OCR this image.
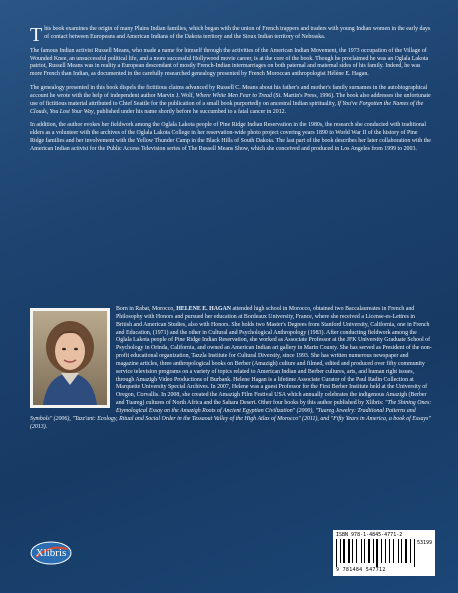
This book examines the origin of many Plains Indian families, which began with the union of French trappers and traders with young Indian women in the early days of contact between Europeans and American Indians of the Dakota territory and the Sioux Indian territory of Nebraska.

The famous Indian activist Russell Means, who made a name for himself through the activities of the American Indian Movement, the 1973 occupation of the Village of Wounded Knee, an unsuccessful political life, and a more successful Hollywood movie career, is at the core of the book. Though he proclaimed he was an Oglala Lakota patriot, Russell Means was in reality a European descendant of mostly French-Indian intermarriages on both paternal and maternal sides of his family. Indeed, he was more French than Indian, as documented in the carefully researched genealogy presented by French Moroccan anthropologist Hélène E. Hagan.

The genealogy presented in this book dispels the fictitious claims advanced by Russell C. Means about his father's and mother's family surnames in the autobiographical account he wrote with the help of independent author Marvin J. Wolf, Where White Men Fear to Tread (St. Martin's Press, 1996). The book also addresses the unfortunate use of fictitious material attributed to Chief Seattle for the publication of a small book purportedly on ancestral Indian spirituality, If You've Forgotten the Names of the Clouds, You Lost Your Way, published under his name shortly before he succumbed to a fatal cancer in 2012.

In addition, the author evokes her fieldwork among the Oglala Lakota people of Pine Ridge Indian Reservation in the 1980s, the research she conducted with traditional elders as a volunteer with the archives of the Oglala Lakota College in her reservation-wide photo project covering years 1890 to World War II of the history of Pine Ridge families and her involvement with the Yellow Thunder Camp in the Black Hills of South Dakota. The last part of the book describes her later collaboration with the American Indian activist for the Public Access Television series of The Russell Means Show, which she conceived and produced in Los Angeles from 1999 to 2003.

Born in Rabat, Morocco, HELENE E. HAGAN attended high school in Morocco, obtained two Baccalaureates in French and Philosophy with Honors and pursued her education at Bordeaux University, France, where she received a License-es-Lettres in British and American Studies, also with Honors. She holds two Master's Degrees from Stanford University, California, one in French and Education, (1971) and the other in Cultural and Psychological Anthropology (1983). After conducting fieldwork among the Oglala Lakota people of Pine Ridge Indian Reservation, she worked as Associate Professor at the JFK University Graduate School of Psychology in Orinda, California, and owned an American Indian art gallery in Marin County. She has served as President of the non-profit educational organization, Tazzla Institute for Cultural Diversity, since 1993. She has written numerous newspaper and magazine articles, three anthropological books on Berber (Amazigh) culture and filmed, edited and produced over fifty community service television programs on a variety of topics related to American Indian and Berber cultures, arts, and human right issues, through Amazigh Video Productions of Burbank. Helene Hagan is a lifetime Associate Curator of the Paul Radin Collection at Marquette University Special Archives. In 2007, Helene was a guest Professor for the First Berber Institute held at the University of Oregon, Corvallis. In 2008, she created the Amazigh Film Festival USA which annually celebrates the indigenous Amazigh (Berber and Tuareg) cultures of North Africa and the Sahara Desert. Other four books by this author published by Xlibris: "The Shining Ones: Etymological Essay on the Amazigh Roots of Ancient Egyptian Civilization" (2000), "Tuareg Jewelry: Traditional Patterns and Symbols" (2006), "Tazz'unt: Ecology, Ritual and Social Order in the Tessaout Valley of the High Atlas of Morocco" (2011), and "Fifty Years in America, a book of Essays" (2013).

Xlibris
ISBN 978-1-4845-4771-2
53199
9 781484 547712
